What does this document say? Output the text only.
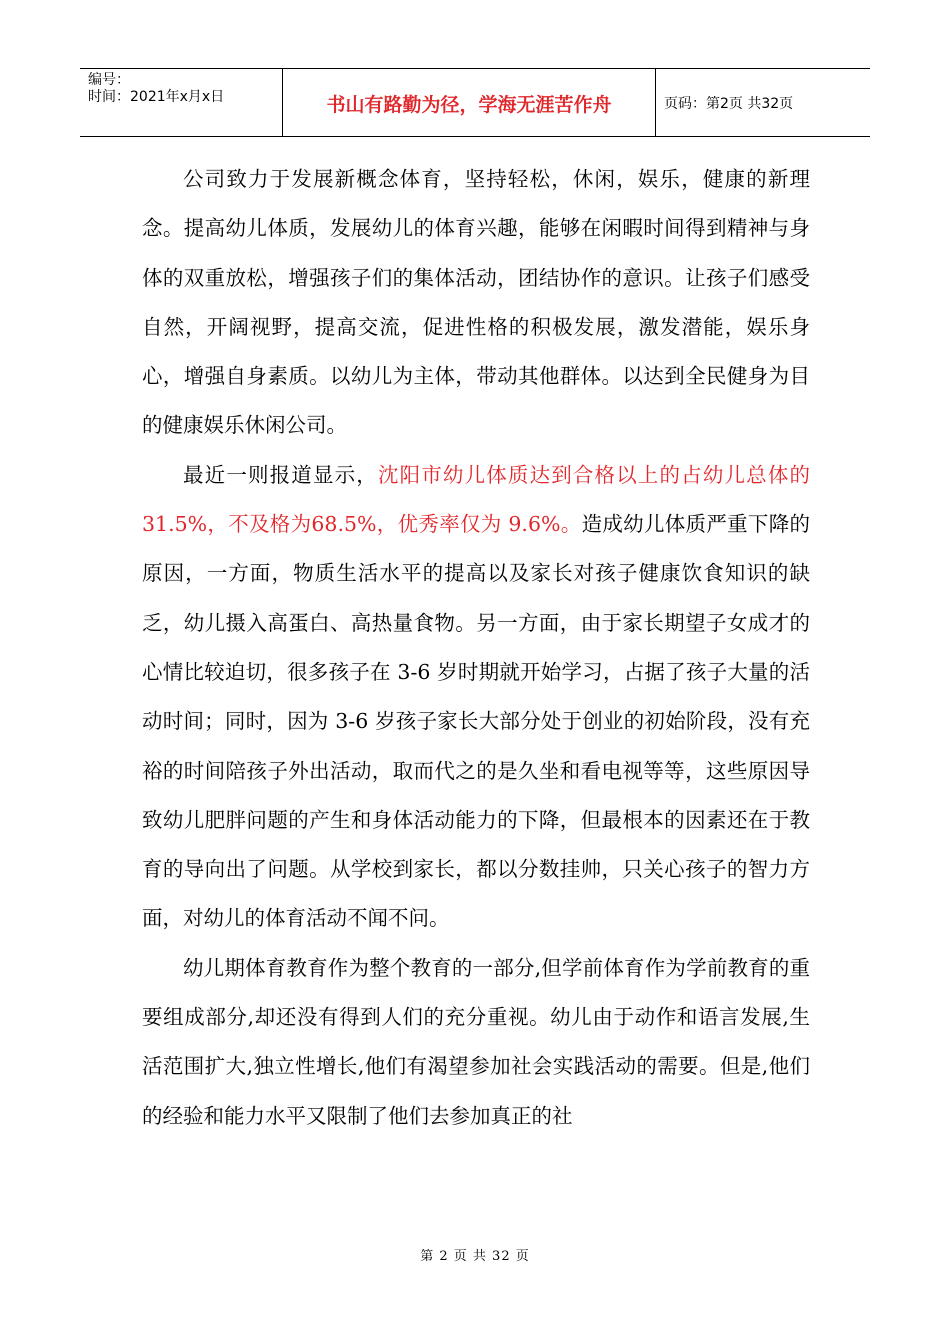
编号：
时间：2021年x月x日	书山有路勤为径，学海无涯苦作舟	页码：第2页 共32页

公司致力于发展新概念体育，坚持轻松，休闲，娱乐，健康的新理念。提高幼儿体质，发展幼儿的体育兴趣，能够在闲暇时间得到精神与身体的双重放松，增强孩子们的集体活动，团结协作的意识。让孩子们感受自然，开阔视野，提高交流，促进性格的积极发展，激发潜能，娱乐身心，增强自身素质。以幼儿为主体，带动其他群体。以达到全民健身为目的健康娱乐休闲公司。

最近一则报道显示，沈阳市幼儿体质达到合格以上的占幼儿总体的 31.5%，不及格为68.5%，优秀率仅为 9.6%。造成幼儿体质严重下降的原因，一方面，物质生活水平的提高以及家长对孩子健康饮食知识的缺乏，幼儿摄入高蛋白、高热量食物。另一方面，由于家长期望子女成才的心情比较迫切，很多孩子在 3-6 岁时期就开始学习，占据了孩子大量的活动时间；同时，因为 3-6 岁孩子家长大部分处于创业的初始阶段，没有充裕的时间陪孩子外出活动，取而代之的是久坐和看电视等等，这些原因导致幼儿肥胖问题的产生和身体活动能力的下降，但最根本的因素还在于教育的导向出了问题。从学校到家长，都以分数挂帅，只关心孩子的智力方面，对幼儿的体育活动不闻不问。

幼儿期体育教育作为整个教育的一部分,但学前体育作为学前教育的重要组成部分,却还没有得到人们的充分重视。幼儿由于动作和语言发展,生活范围扩大,独立性增长,他们有渴望参加社会实践活动的需要。但是,他们的经验和能力水平又限制了他们去参加真正的社

第 2 页 共 32 页
